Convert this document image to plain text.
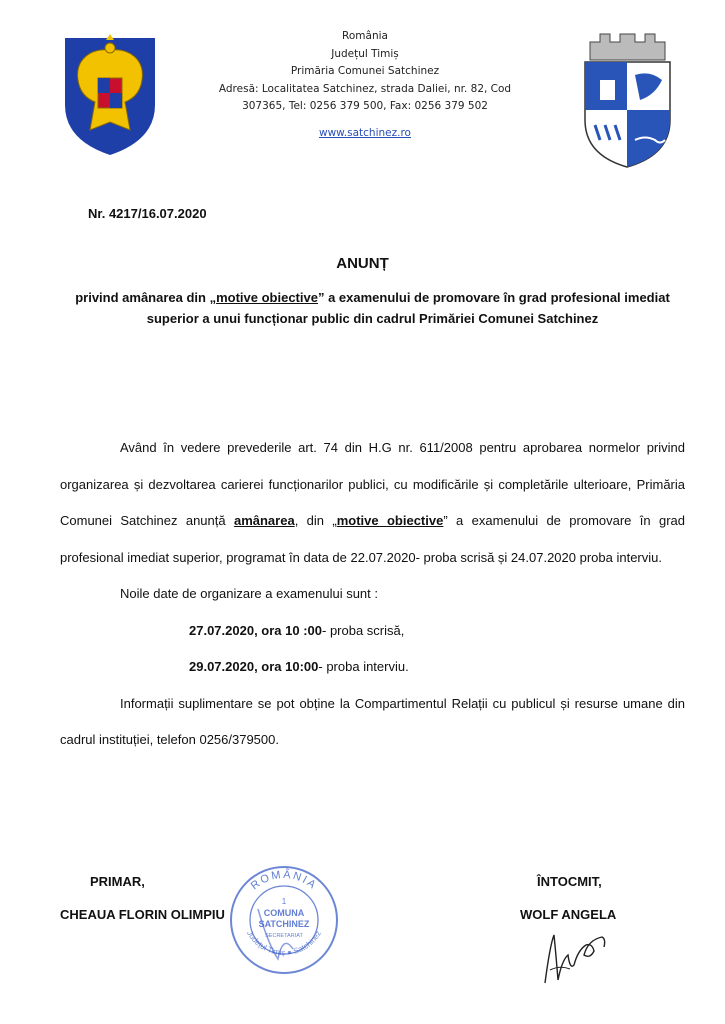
România
Județul Timiș
Primăria Comunei Satchinez
Adresă: Localitatea Satchinez, strada Daliei, nr. 82, Cod
307365, Tel: 0256 379 500, Fax: 0256 379 502
www.satchinez.ro
Nr. 4217/16.07.2020
ANUNȚ
privind amânarea din „motive obiective” a examenului de promovare în grad profesional imediat superior a unui funcționar public din cadrul Primăriei Comunei Satchinez

Având în vedere prevederile art. 74 din H.G nr. 611/2008 pentru aprobarea normelor privind organizarea și dezvoltarea carierei funcționarilor publici, cu modificările și completările ulterioare, Primăria Comunei Satchinez anunță amânarea, din „motive obiective” a examenului de promovare în grad profesional imediat superior, programat în data de 22.07.2020- proba scrisă și 24.07.2020 proba interviu.

Noile date de organizare a examenului sunt :

27.07.2020, ora 10 :00- proba scrisă,

29.07.2020, ora 10:00- proba interviu.

Informații suplimentare se pot obține la Compartimentul Relații cu publicul și resurse umane din cadrul instituției, telefon 0256/379500.

PRIMAR,
CHEAUA FLORIN OLIMPIU
ÎNTOCMIT,
WOLF ANGELA
ROMÂNIA
Județul Timiș ● Satchinez
1
COMUNA
SATCHINEZ
SECRETARIAT
